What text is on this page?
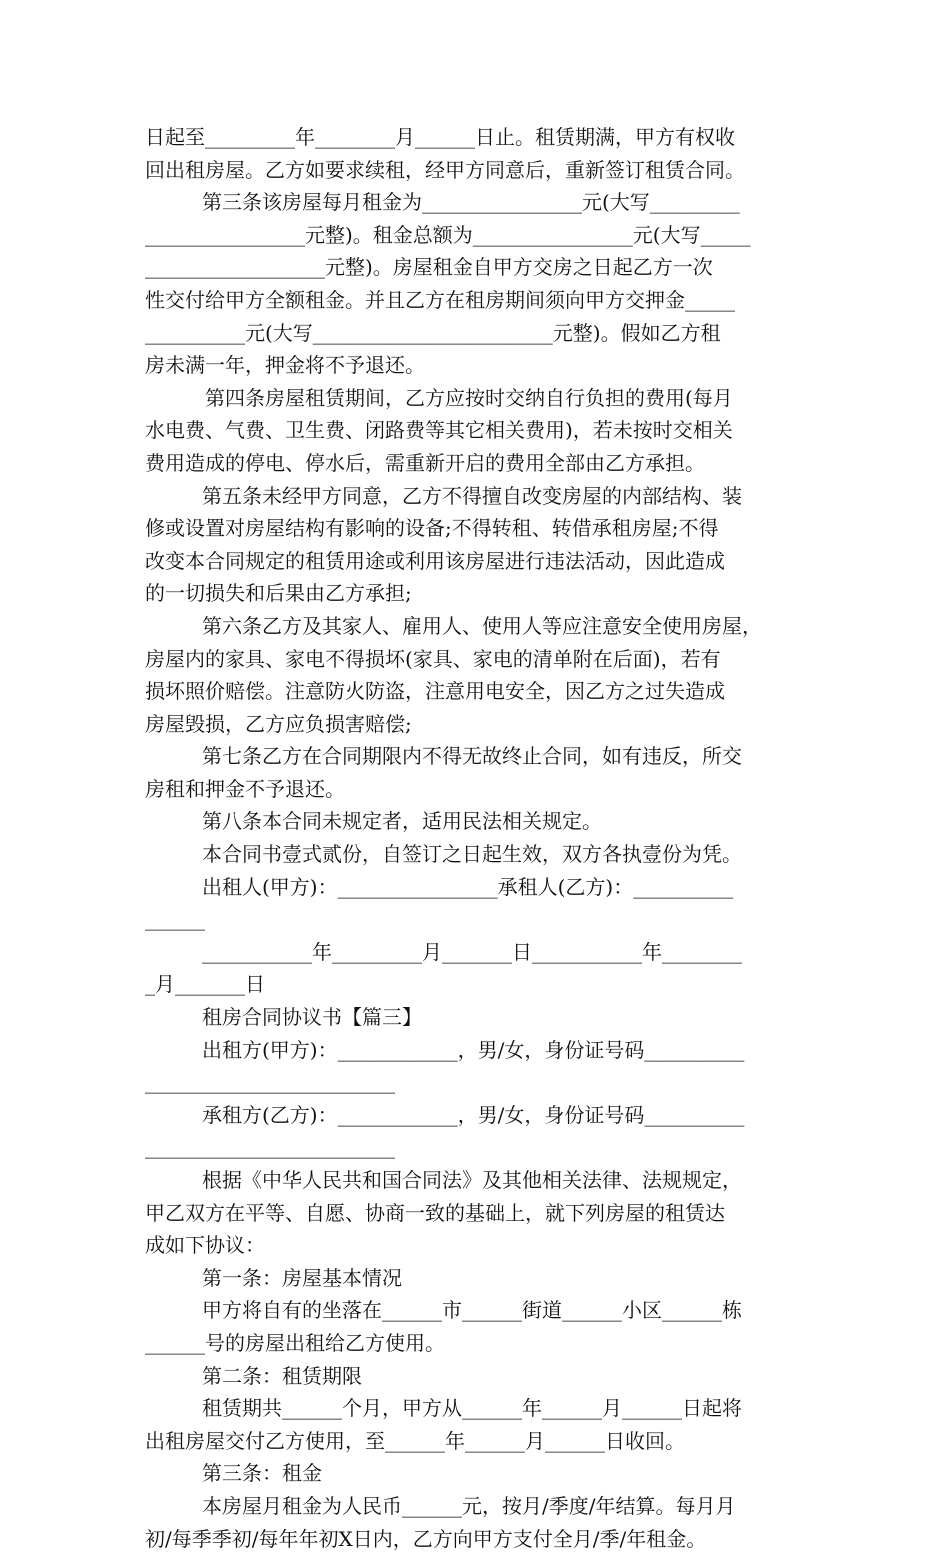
日起至_________年________月______日止。租赁期满，甲方有权收
回出租房屋。乙方如要求续租，经甲方同意后，重新签订租赁合同。
第三条该房屋每月租金为________________元(大写_________
________________元整)。租金总额为________________元(大写_____
__________________元整)。房屋租金自甲方交房之日起乙方一次
性交付给甲方全额租金。并且乙方在租房期间须向甲方交押金_____
__________元(大写________________________元整)。假如乙方租
房未满一年，押金将不予退还。
第四条房屋租赁期间，乙方应按时交纳自行负担的费用(每月
水电费、气费、卫生费、闭路费等其它相关费用)，若未按时交相关
费用造成的停电、停水后，需重新开启的费用全部由乙方承担。
第五条未经甲方同意，乙方不得擅自改变房屋的内部结构、装
修或设置对房屋结构有影响的设备;不得转租、转借承租房屋;不得
改变本合同规定的租赁用途或利用该房屋进行违法活动，因此造成
的一切损失和后果由乙方承担;
第六条乙方及其家人、雇用人、使用人等应注意安全使用房屋，
房屋内的家具、家电不得损坏(家具、家电的清单附在后面)，若有
损坏照价赔偿。注意防火防盗，注意用电安全，因乙方之过失造成
房屋毁损，乙方应负损害赔偿;
第七条乙方在合同期限内不得无故终止合同，如有违反，所交
房租和押金不予退还。
第八条本合同未规定者，适用民法相关规定。
本合同书壹式贰份，自签订之日起生效，双方各执壹份为凭。
出租人(甲方)：________________承租人(乙方)：__________
______
___________年_________月_______日___________年________
_月_______日
租房合同协议书【篇三】
出租方(甲方)：____________，男/女，身份证号码__________
_________________________
承租方(乙方)：____________，男/女，身份证号码__________
_________________________
根据《中华人民共和国合同法》及其他相关法律、法规规定，
甲乙双方在平等、自愿、协商一致的基础上，就下列房屋的租赁达
成如下协议：
第一条：房屋基本情况
甲方将自有的坐落在______市______街道______小区______栋
______号的房屋出租给乙方使用。
第二条：租赁期限
租赁期共______个月，甲方从______年______月______日起将
出租房屋交付乙方使用，至______年______月______日收回。
第三条：租金
本房屋月租金为人民币______元，按月/季度/年结算。每月月
初/每季季初/每年年初X日内，乙方向甲方支付全月/季/年租金。
